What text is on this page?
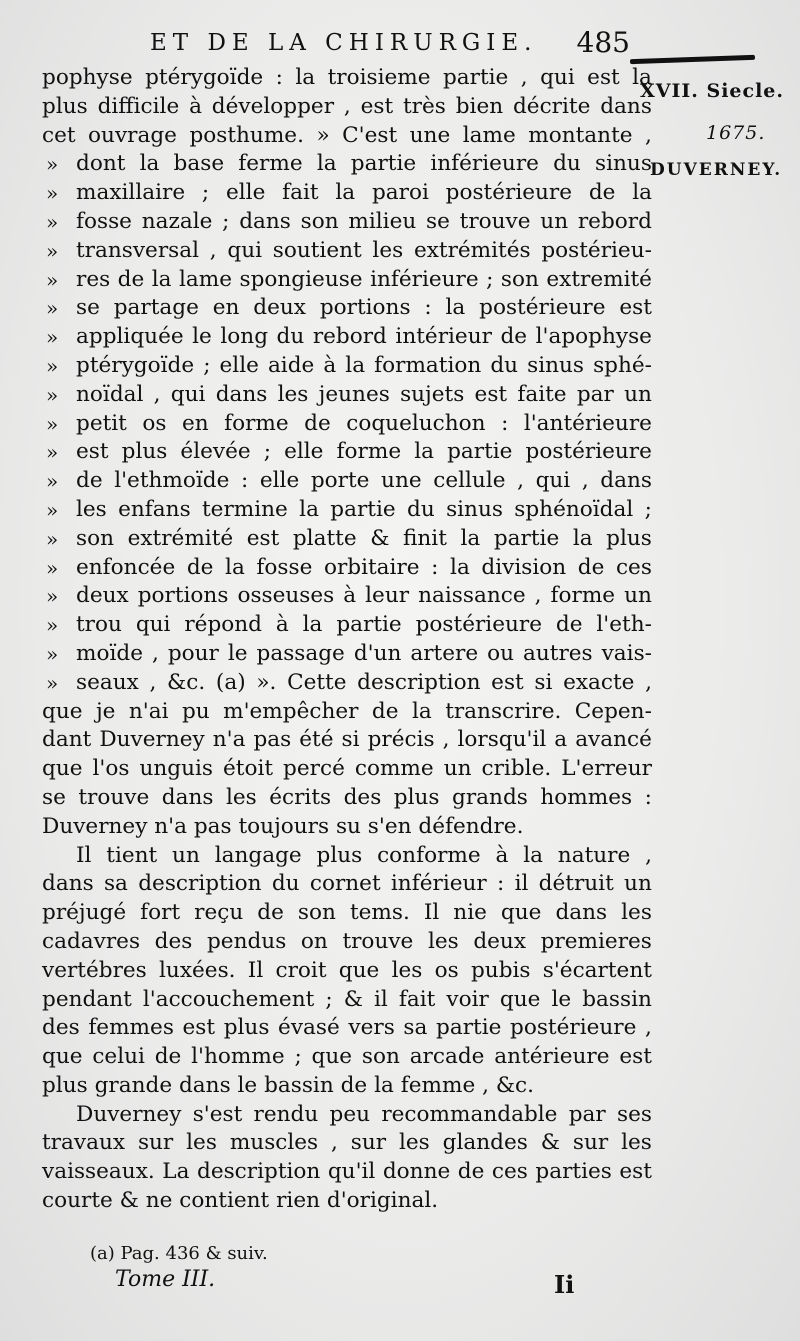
ET DE LA CHIRURGIE. 485
XVII. Siecle.
1675.
DUVERNEY.
pophyse ptérygoïde : la troisieme partie , qui est la
plus difficile à développer , est très bien décrite dans
cet ouvrage posthume. » C'est une lame montante ,
» dont la base ferme la partie inférieure du sinus
» maxillaire ; elle fait la paroi postérieure de la
» fosse nazale ; dans son milieu se trouve un rebord
» transversal , qui soutient les extrémités postérieu-
» res de la lame spongieuse inférieure ; son extremité
» se partage en deux portions : la postérieure est
» appliquée le long du rebord intérieur de l'apophyse
» ptérygoïde ; elle aide à la formation du sinus sphé-
» noïdal , qui dans les jeunes sujets est faite par un
» petit os en forme de coqueluchon : l'antérieure
» est plus élevée ; elle forme la partie postérieure
» de l'ethmoïde : elle porte une cellule , qui , dans
» les enfans termine la partie du sinus sphénoïdal ;
» son extrémité est platte & finit la partie la plus
» enfoncée de la fosse orbitaire : la division de ces
» deux portions osseuses à leur naissance , forme un
» trou qui répond à la partie postérieure de l'eth-
» moïde , pour le passage d'un artere ou autres vais-
» seaux , &c. (a) ». Cette description est si exacte ,
que je n'ai pu m'empêcher de la transcrire. Cepen-
dant Duverney n'a pas été si précis , lorsqu'il a avancé
que l'os unguis étoit percé comme un crible. L'erreur
se trouve dans les écrits des plus grands hommes :
Duverney n'a pas toujours su s'en défendre.
Il tient un langage plus conforme à la nature ,
dans sa description du cornet inférieur : il détruit un
préjugé fort reçu de son tems. Il nie que dans les
cadavres des pendus on trouve les deux premieres
vertébres luxées. Il croit que les os pubis s'écartent
pendant l'accouchement ; & il fait voir que le bassin
des femmes est plus évasé vers sa partie postérieure ,
que celui de l'homme ; que son arcade antérieure est
plus grande dans le bassin de la femme , &c.
Duverney s'est rendu peu recommandable par ses
travaux sur les muscles , sur les glandes & sur les
vaisseaux. La description qu'il donne de ces parties est
courte & ne contient rien d'original.
(a) Pag. 436 & suiv.
Tome III.	Ii
